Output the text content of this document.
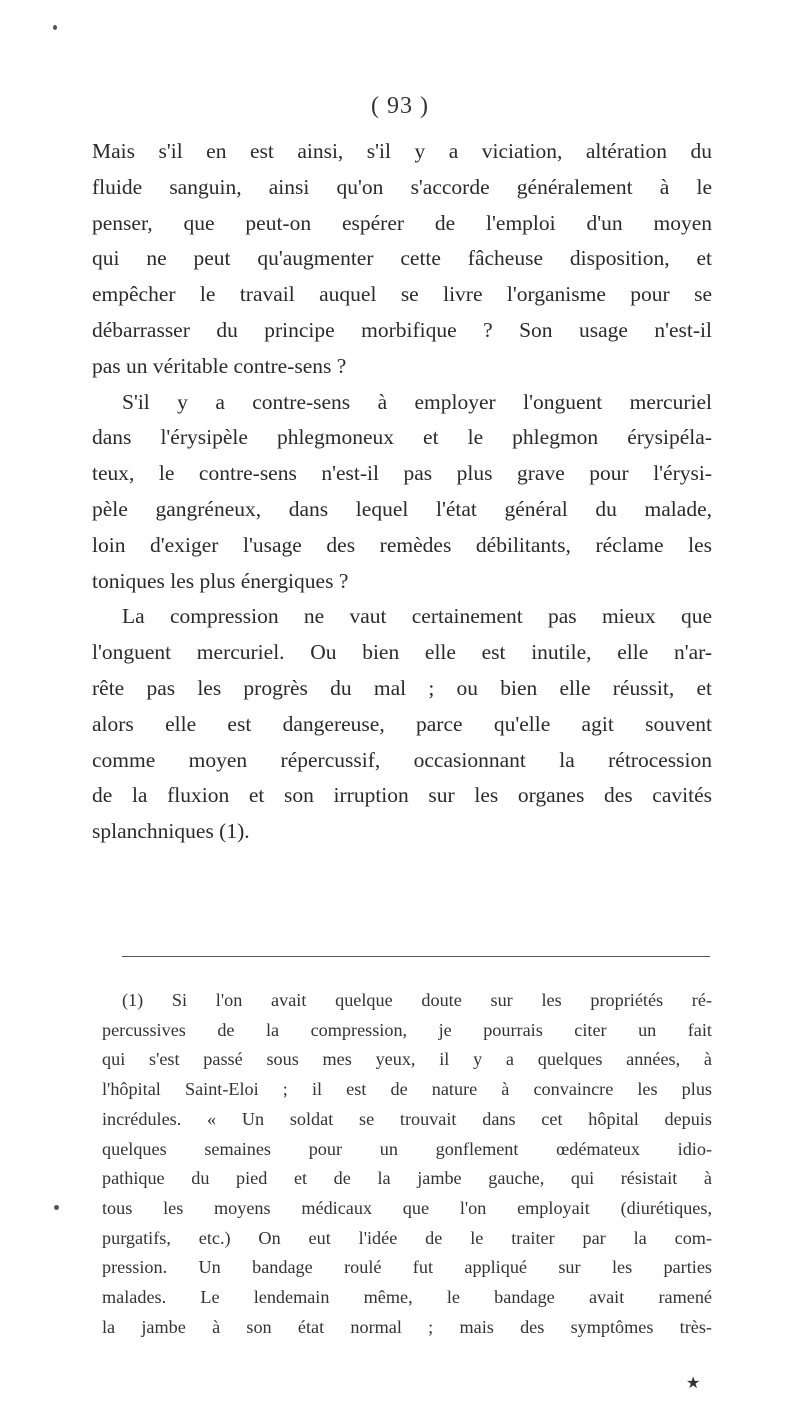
( 93 )
Mais s'il en est ainsi, s'il y a viciation, altération du
fluide sanguin, ainsi qu'on s'accorde généralement à le
penser, que peut-on espérer de l'emploi d'un moyen
qui ne peut qu'augmenter cette fâcheuse disposition, et
empêcher le travail auquel se livre l'organisme pour se
débarrasser du principe morbifique ? Son usage n'est-il
pas un véritable contre-sens ?
S'il y a contre-sens à employer l'onguent mercuriel
dans l'érysipèle phlegmoneux et le phlegmon érysipéla-
teux, le contre-sens n'est-il pas plus grave pour l'érysi-
pèle gangréneux, dans lequel l'état général du malade,
loin d'exiger l'usage des remèdes débilitants, réclame les
toniques les plus énergiques ?
La compression ne vaut certainement pas mieux que
l'onguent mercuriel. Ou bien elle est inutile, elle n'ar-
rête pas les progrès du mal ; ou bien elle réussit, et
alors elle est dangereuse, parce qu'elle agit souvent
comme moyen répercussif, occasionnant la rétrocession
de la fluxion et son irruption sur les organes des cavités
splanchniques (1).
(1) Si l'on avait quelque doute sur les propriétés ré-
percussives de la compression, je pourrais citer un fait
qui s'est passé sous mes yeux, il y a quelques années, à
l'hôpital Saint-Eloi ; il est de nature à convaincre les plus
incrédules. « Un soldat se trouvait dans cet hôpital depuis
quelques semaines pour un gonflement œdémateux idio-
pathique du pied et de la jambe gauche, qui résistait à
tous les moyens médicaux que l'on employait (diurétiques,
purgatifs, etc.) On eut l'idée de le traiter par la com-
pression. Un bandage roulé fut appliqué sur les parties
malades. Le lendemain même, le bandage avait ramené
la jambe à son état normal ; mais des symptômes très-
★
